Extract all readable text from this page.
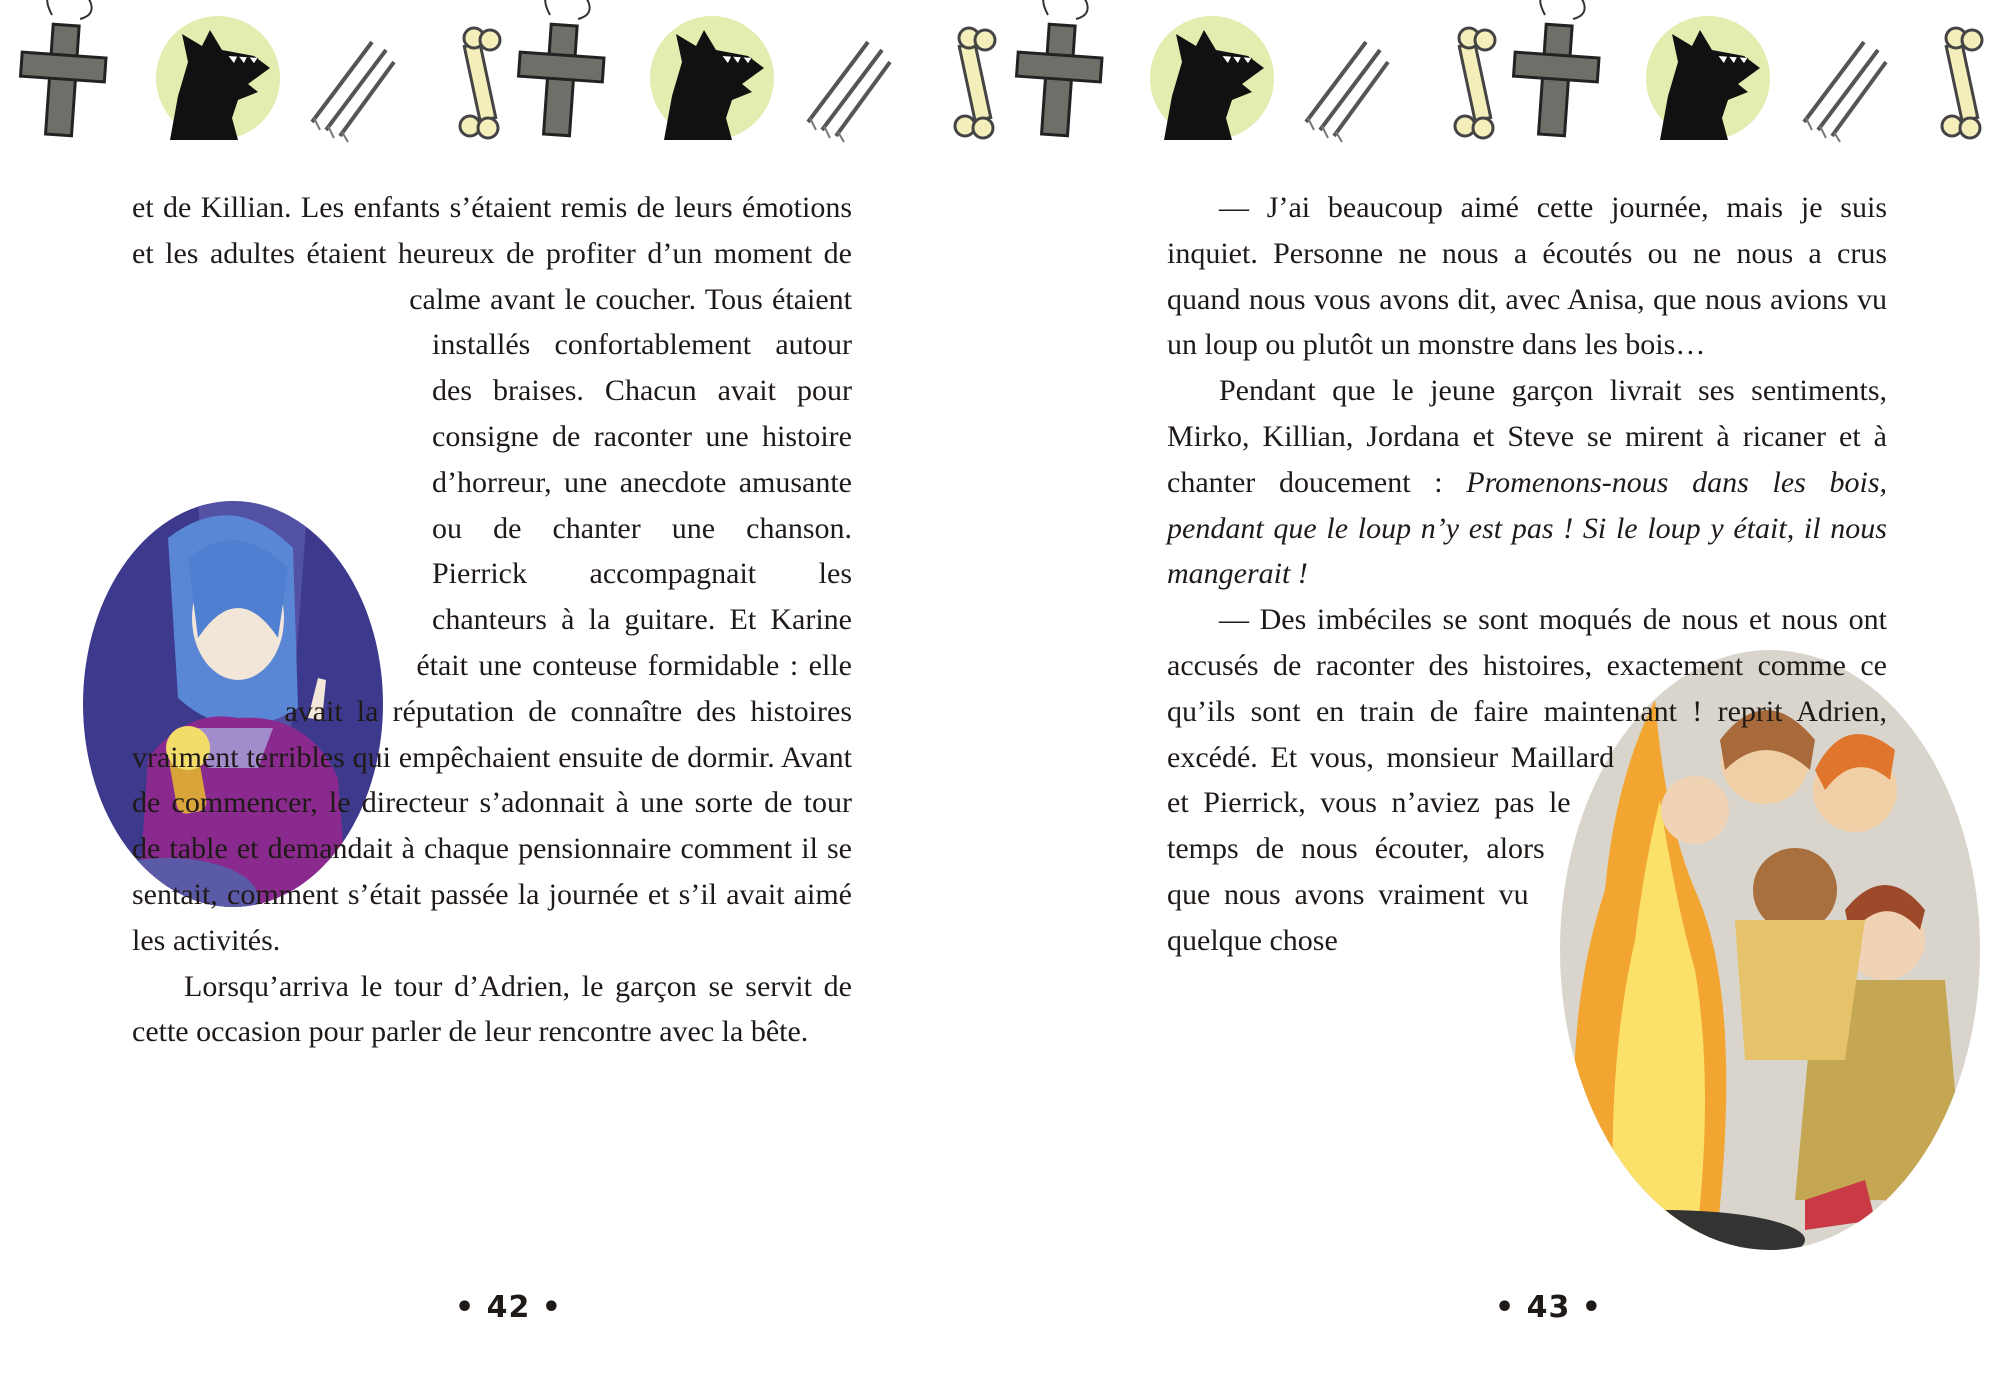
et de Killian. Les enfants s’étaient remis de leurs émotions et les adultes étaient heureux de profiter d’un moment de calme avant le coucher. Tous étaient installés confortablement autour des braises. Chacun avait pour consigne de raconter une histoire d’horreur, une anecdote amusante ou de chanter une chanson. Pierrick accompagnait les chanteurs à la guitare. Et Karine était une conteuse formidable : elle avait la réputation de connaître des histoires vraiment terribles qui empêchaient ensuite de dormir. Avant de commencer, le directeur s’adonnait à une sorte de tour de table et demandait à chaque pensionnaire comment il se sentait, comment s’était passée la journée et s’il avait aimé les activités.

Lorsqu’arriva le tour d’Adrien, le garçon se servit de cette occasion pour parler de leur rencontre avec la bête.

— J’ai beaucoup aimé cette journée, mais je suis inquiet. Personne ne nous a écoutés ou ne nous a crus quand nous vous avons dit, avec Anisa, que nous avions vu un loup ou plutôt un monstre dans les bois…

Pendant que le jeune garçon livrait ses sentiments, Mirko, Killian, Jordana et Steve se mirent à ricaner et à chanter doucement : Promenons-nous dans les bois, pendant que le loup n’y est pas ! Si le loup y était, il nous mangerait !

— Des imbéciles se sont moqués de nous et nous ont accusés de raconter des histoires, exactement comme ce qu’ils sont en train de faire maintenant ! reprit Adrien, excédé. Et vous, monsieur Maillard et Pierrick, vous n’aviez pas le temps de nous écouter, alors que nous avons vraiment vu quelque chose

• 42 •	• 43 •
